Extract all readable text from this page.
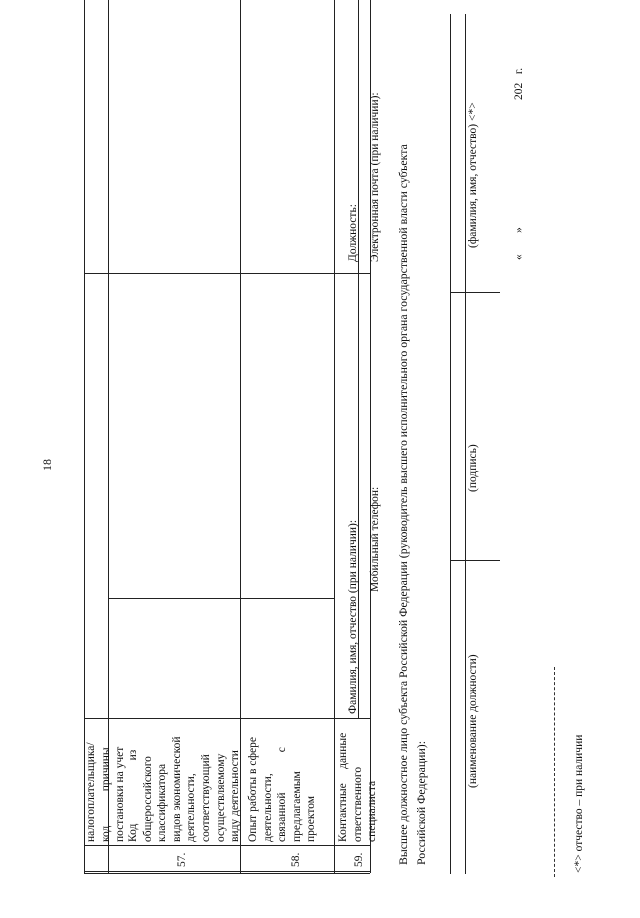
18
налогоплательщика/ код            причины постановки на учет
57.
Код                      из общероссийского классификатора видов экономической деятельности, соответствующий осуществляемому виду деятельности
58.
Опыт работы в сфере деятельности, связанной              с предлагаемым проектом
59.
Контактные     данные ответственного специалиста
Фамилия, имя, отчество (при наличии):
Должность:
Мобильный телефон:
Электронная почта (при наличии): Высшее должностное лицо субъекта Российской Федерации (руководитель высшего исполнительного органа государственной власти субъекта Российской Федерации):
(наименование должности)
(подпись)
(фамилия, имя, отчество) <*>
«
»
202   г.
<*> отчество – при наличии
